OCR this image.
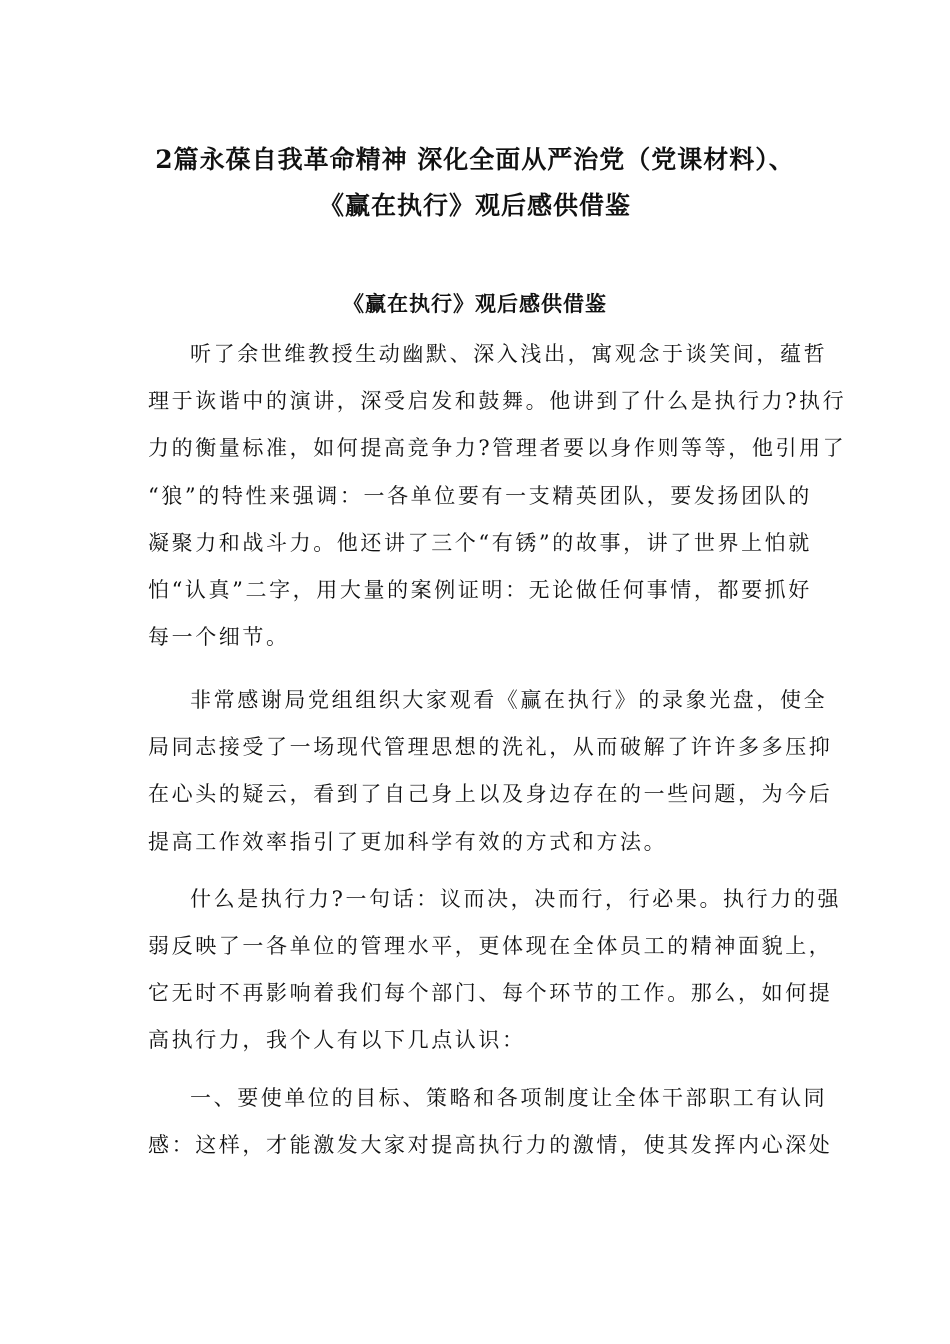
2篇永葆自我革命精神 深化全面从严治党（党课材料）、
《赢在执行》观后感供借鉴
《赢在执行》观后感供借鉴
听了余世维教授生动幽默、深入浅出，寓观念于谈笑间，蕴哲
理于诙谐中的演讲，深受启发和鼓舞。他讲到了什么是执行力?执行
力的衡量标准，如何提高竞争力?管理者要以身作则等等，他引用了
“狼”的特性来强调：一各单位要有一支精英团队，要发扬团队的
凝聚力和战斗力。他还讲了三个“有锈”的故事，讲了世界上怕就
怕“认真”二字，用大量的案例证明：无论做任何事情，都要抓好
每一个细节。
非常感谢局党组组织大家观看《赢在执行》的录象光盘，使全
局同志接受了一场现代管理思想的洗礼，从而破解了许许多多压抑
在心头的疑云，看到了自己身上以及身边存在的一些问题，为今后
提高工作效率指引了更加科学有效的方式和方法。
什么是执行力?一句话：议而决，决而行，行必果。执行力的强
弱反映了一各单位的管理水平，更体现在全体员工的精神面貌上，
它无时不再影响着我们每个部门、每个环节的工作。那么，如何提
高执行力，我个人有以下几点认识：
一、要使单位的目标、策略和各项制度让全体干部职工有认同
感：这样，才能激发大家对提高执行力的激情，使其发挥内心深处
